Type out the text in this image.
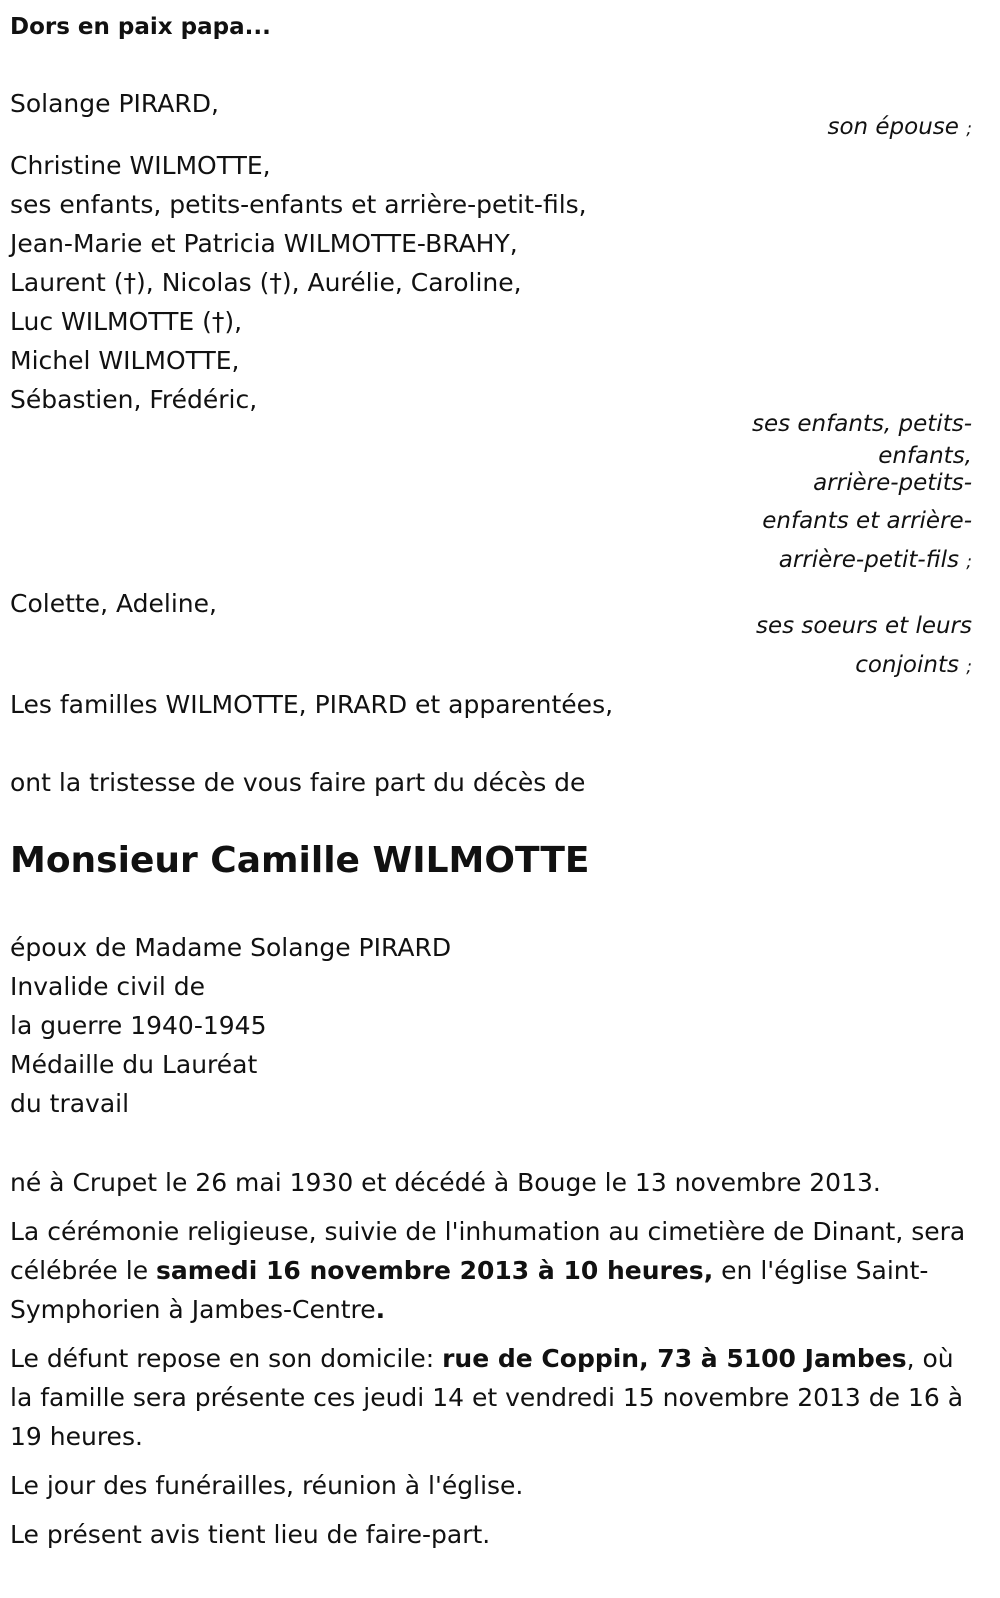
Dors en paix papa...
Solange PIRARD,
son épouse ;
Christine WILMOTTE,
ses enfants, petits-enfants et arrière-petit-fils,
Jean-Marie et Patricia WILMOTTE-BRAHY,
Laurent (†), Nicolas (†), Aurélie, Caroline,
Luc WILMOTTE (†),
Michel WILMOTTE,
Sébastien, Frédéric,
ses enfants, petits-
enfants,
arrière-petits-
enfants et arrière-
arrière-petit-fils ;
Colette, Adeline,
ses soeurs et leurs
conjoints ;
Les familles WILMOTTE, PIRARD et apparentées,
ont la tristesse de vous faire part du décès de
Monsieur Camille WILMOTTE
époux de Madame Solange PIRARD
Invalide civil de
la guerre 1940-1945
Médaille du Lauréat
du travail
né à Crupet le 26 mai 1930 et décédé à Bouge le 13 novembre 2013.
La cérémonie religieuse, suivie de l'inhumation au cimetière de Dinant, sera célébrée le samedi 16 novembre 2013 à 10 heures, en l'église Saint-Symphorien à Jambes-Centre.
Le défunt repose en son domicile: rue de Coppin, 73 à 5100 Jambes, où la famille sera présente ces jeudi 14 et vendredi 15 novembre 2013 de 16 à 19 heures.
Le jour des funérailles, réunion à l'église.
Le présent avis tient lieu de faire-part.
